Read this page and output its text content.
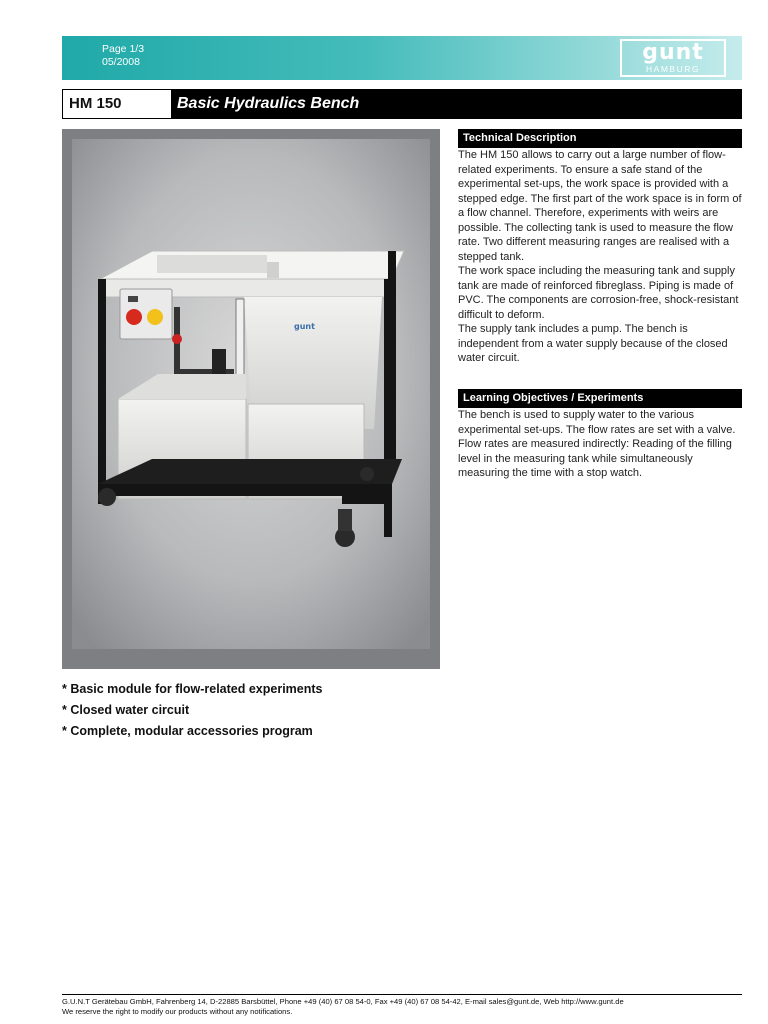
Page 1/3
05/2008	gunt
HAMBURG
HM 150	Basic Hydraulics Bench
gunt
Technical Description

The HM 150 allows to carry out a large number of flow-related experiments. To ensure a safe stand of the experimental set-ups, the work space is provided with a stepped edge. The first part of the work space is in form of a flow channel. Therefore, experiments with weirs are possible. The collecting tank is used to measure the flow rate. Two different measuring ranges are realised with a stepped tank.

The work space including the measuring tank and supply tank are made of reinforced fibreglass. Piping is made of PVC. The components are corrosion-free, shock-resistant difficult to deform.

The supply tank includes a pump. The bench is independent from a water supply because of the closed water circuit.

Learning Objectives / Experiments

The bench is used to supply water to the various experimental set-ups. The flow rates are set with a valve. Flow rates are measured indirectly: Reading of the filling level in the measuring tank while simultaneously measuring the time with a stop watch.

* Basic module for flow-related experiments
* Closed water circuit
* Complete, modular accessories program
G.U.N.T Gerätebau GmbH, Fahrenberg 14, D-22885 Barsbüttel, Phone +49 (40) 67 08 54-0, Fax +49 (40) 67 08 54-42, E-mail sales@gunt.de, Web http://www.gunt.de
We reserve the right to modify our products without any notifications.
